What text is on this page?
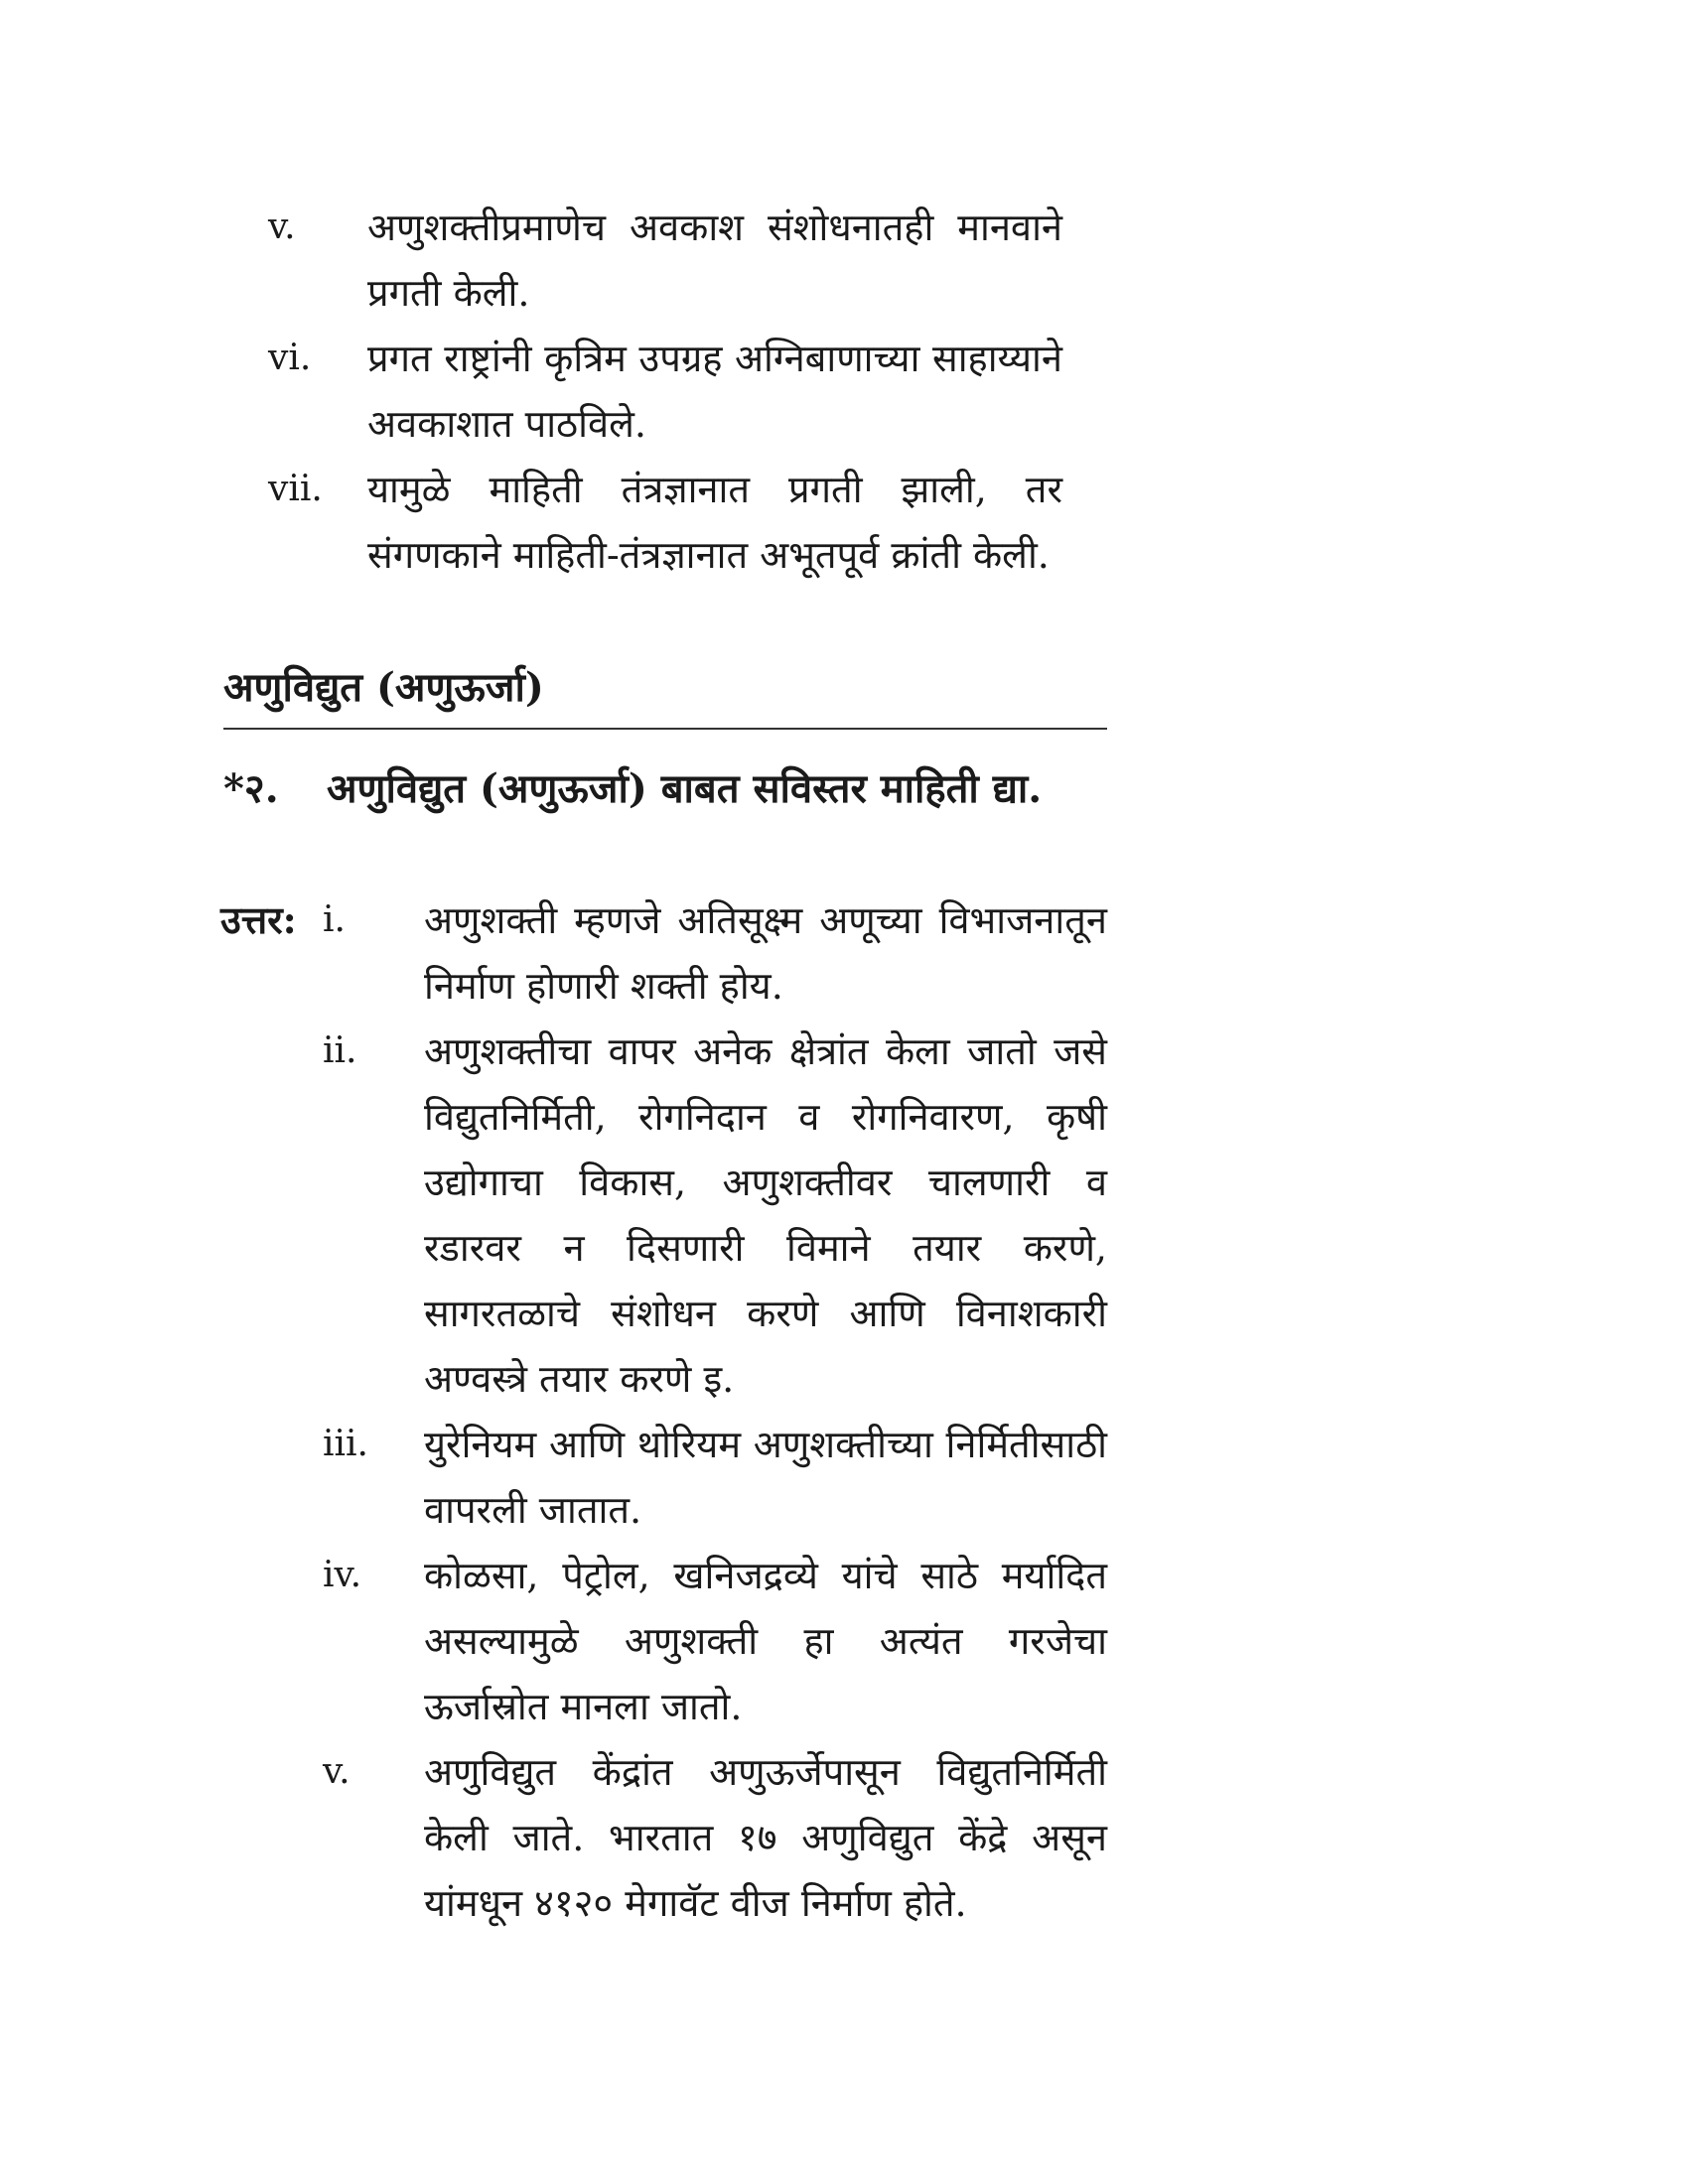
v.	अणुशक्तीप्रमाणेच अवकाश संशोधनातही मानवाने प्रगती केली.
vi.	प्रगत राष्ट्रांनी कृत्रिम उपग्रह अग्निबाणाच्या साहाय्याने अवकाशात पाठविले.
vii.	यामुळे माहिती तंत्रज्ञानात प्रगती झाली, तर संगणकाने माहिती-तंत्रज्ञानात अभूतपूर्व क्रांती केली.
अणुविद्युत (अणुऊर्जा)
*२.	अणुविद्युत (अणुऊर्जा) बाबत सविस्तर माहिती द्या.
उत्तर: i.	अणुशक्ती म्हणजे अतिसूक्ष्म अणूच्या विभाजनातून निर्माण होणारी शक्ती होय.
ii.	अणुशक्तीचा वापर अनेक क्षेत्रांत केला जातो जसे विद्युतनिर्मिती, रोगनिदान व रोगनिवारण, कृषी उद्योगाचा विकास, अणुशक्तीवर चालणारी व रडारवर न दिसणारी विमाने तयार करणे, सागरतळाचे संशोधन करणे आणि विनाशकारी अण्वस्त्रे तयार करणे इ.
iii.	युरेनियम आणि थोरियम अणुशक्तीच्या निर्मितीसाठी वापरली जातात.
iv.	कोळसा, पेट्रोल, खनिजद्रव्ये यांचे साठे मर्यादित असल्यामुळे अणुशक्ती हा अत्यंत गरजेचा ऊर्जास्रोत मानला जातो.
v.	अणुविद्युत केंद्रांत अणुऊर्जेपासून विद्युतनिर्मिती केली जाते. भारतात १७ अणुविद्युत केंद्रे असून यांमधून ४१२० मेगावॅट वीज निर्माण होते.
